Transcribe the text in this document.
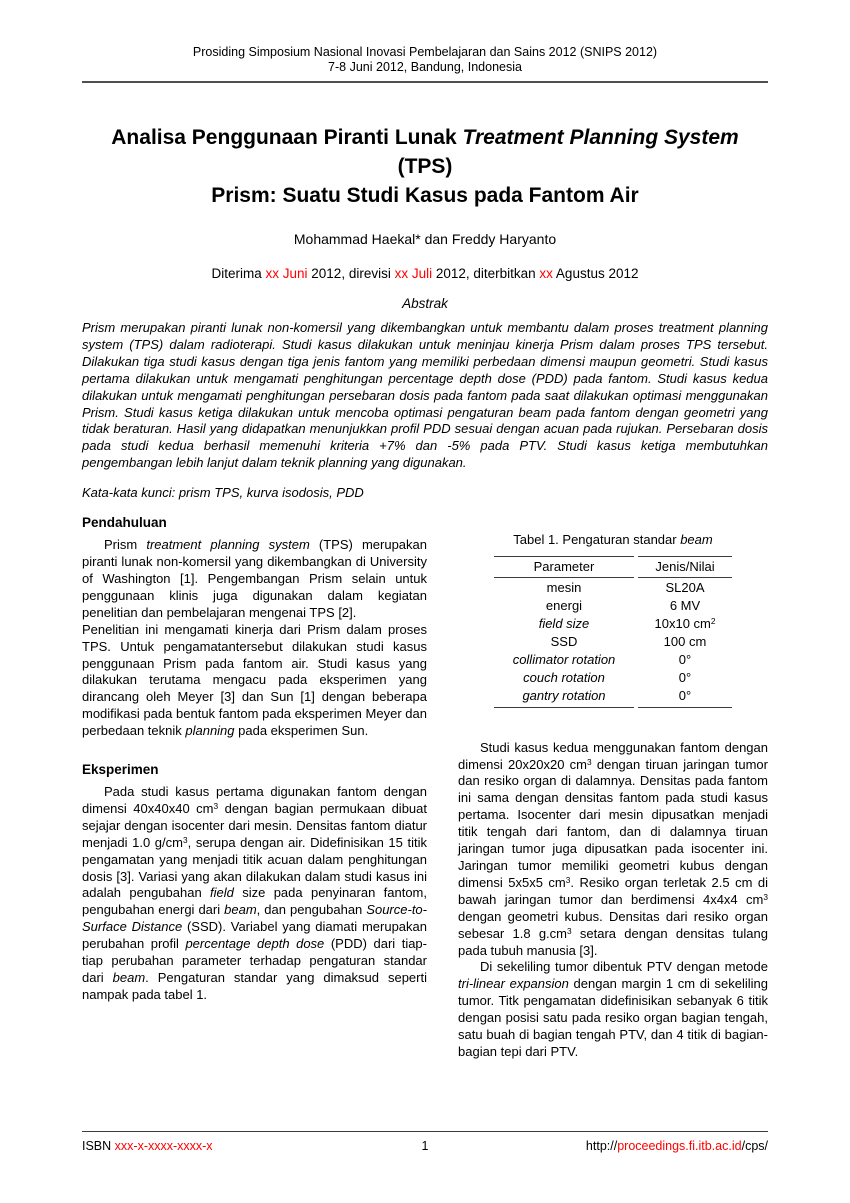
Prosiding Simposium Nasional Inovasi Pembelajaran dan Sains 2012 (SNIPS 2012)
7-8 Juni 2012, Bandung, Indonesia
Analisa Penggunaan Piranti Lunak Treatment Planning System (TPS)
Prism: Suatu Studi Kasus pada Fantom Air
Mohammad Haekal* dan Freddy Haryanto
Diterima xx Juni 2012, direvisi xx Juli 2012, diterbitkan xx Agustus 2012
Abstrak

Prism merupakan piranti lunak non-komersil yang dikembangkan untuk membantu dalam proses treatment planning system (TPS) dalam radioterapi. Studi kasus dilakukan untuk meninjau kinerja Prism dalam proses TPS tersebut. Dilakukan tiga studi kasus dengan tiga jenis fantom yang memiliki perbedaan dimensi maupun geometri. Studi kasus pertama dilakukan untuk mengamati penghitungan percentage depth dose (PDD) pada fantom. Studi kasus kedua dilakukan untuk mengamati penghitungan persebaran dosis pada fantom pada saat dilakukan optimasi menggunakan Prism. Studi kasus ketiga dilakukan untuk mencoba optimasi pengaturan beam pada fantom dengan geometri yang tidak beraturan. Hasil yang didapatkan menunjukkan profil PDD sesuai dengan acuan pada rujukan. Persebaran dosis pada studi kedua berhasil memenuhi kriteria +7% dan -5% pada PTV. Studi kasus ketiga membutuhkan pengembangan lebih lanjut dalam teknik planning yang digunakan.

Kata-kata kunci: prism TPS, kurva isodosis, PDD
Pendahuluan

Prism treatment planning system (TPS) merupakan piranti lunak non-komersil yang dikembangkan di University of Washington [1]. Pengembangan Prism selain untuk penggunaan klinis juga digunakan dalam kegiatan penelitian dan pembelajaran mengenai TPS [2].

Penelitian ini mengamati kinerja dari Prism dalam proses TPS. Untuk pengamatantersebut dilakukan studi kasus penggunaan Prism pada fantom air. Studi kasus yang dilakukan terutama mengacu pada eksperimen yang dirancang oleh Meyer [3] dan Sun [1] dengan beberapa modifikasi pada bentuk fantom pada eksperimen Meyer dan perbedaan teknik planning pada eksperimen Sun.

Eksperimen

Pada studi kasus pertama digunakan fantom dengan dimensi 40x40x40 $cm^3$ dengan bagian permukaan dibuat sejajar dengan isocenter dari mesin. Densitas fantom diatur menjadi 1.0 $g/cm^3$, serupa dengan air. Didefinisikan 15 titik pengamatan yang menjadi titik acuan dalam penghitungan dosis [3]. Variasi yang akan dilakukan dalam studi kasus ini adalah pengubahan field size pada penyinaran fantom, pengubahan energi dari beam, dan pengubahan Source-to-Surface Distance (SSD). Variabel yang diamati merupakan perubahan profil percentage depth dose (PDD) dari tiap-tiap perubahan parameter terhadap pengaturan standar dari beam. Pengaturan standar yang dimaksud seperti nampak pada tabel 1.

Tabel 1. Pengaturan standar beam
Parameter	Jenis/Nilai
mesin	SL20A
energi	6 MV
field size	10x10 $cm^2$
SSD	100 cm
collimator rotation	0°
couch rotation	0°
gantry rotation	0°

Studi kasus kedua menggunakan fantom dengan dimensi 20x20x20 $cm^3$ dengan tiruan jaringan tumor dan resiko organ di dalamnya. Densitas pada fantom ini sama dengan densitas fantom pada studi kasus pertama. Isocenter dari mesin dipusatkan menjadi titik tengah dari fantom, dan di dalamnya tiruan jaringan tumor juga dipusatkan pada isocenter ini. Jaringan tumor memiliki geometri kubus dengan dimensi 5x5x5 $cm^3$. Resiko organ terletak 2.5 cm di bawah jaringan tumor dan berdimensi 4x4x4 $cm^3$ dengan geometri kubus. Densitas dari resiko organ sebesar 1.8 $g.cm^3$ setara dengan densitas tulang pada tubuh manusia [3].

Di sekeliling tumor dibentuk PTV dengan metode tri-linear expansion dengan margin 1 cm di sekeliling tumor. Titk pengamatan didefinisikan sebanyak 6 titik dengan posisi satu pada resiko organ bagian tengah, satu buah di bagian tengah PTV, dan 4 titik di bagian-bagian tepi dari PTV.

ISBN xxx-x-xxxx-xxxx-x	1	http://proceedings.fi.itb.ac.id/cps/
